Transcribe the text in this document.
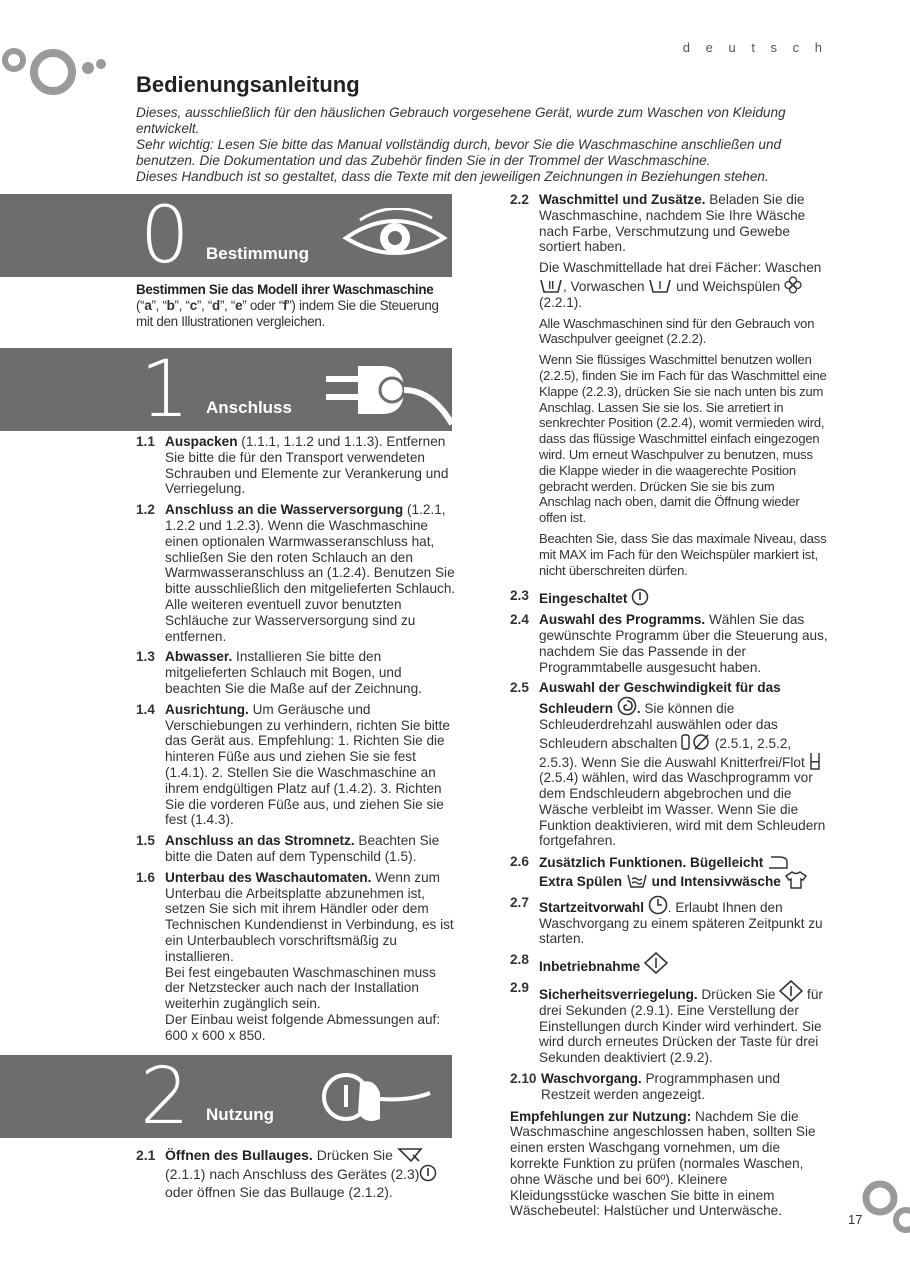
d e u t s c h
Bedienungsanleitung

Dieses, ausschließlich für den häuslichen Gebrauch vorgesehene Gerät, wurde zum Waschen von Kleidung entwickelt.

Sehr wichtig: Lesen Sie bitte das Manual vollständig durch, bevor Sie die Waschmaschine anschließen und benutzen. Die Dokumentation und das Zubehör finden Sie in der Trommel der Waschmaschine.

Dieses Handbuch ist so gestaltet, dass die Texte mit den jeweiligen Zeichnungen in Beziehungen stehen.

0 Bestimmung
Bestimmen Sie das Modell ihrer Waschmaschine
(“a”, “b”, “c”, “d”, “e” oder “f”) indem Sie die Steuerung mit den Illustrationen vergleichen.
1 Anschluss
1.1 Auspacken (1.1.1, 1.1.2 und 1.1.3). Entfernen Sie bitte die für den Transport verwendeten Schrauben und Elemente zur Verankerung und Verriegelung.
1.2 Anschluss an die Wasserversorgung (1.2.1, 1.2.2 und 1.2.3). Wenn die Waschmaschine einen optionalen Warmwasseranschluss hat, schließen Sie den roten Schlauch an den Warmwasseranschluss an (1.2.4). Benutzen Sie bitte ausschließlich den mitgelieferten Schlauch. Alle weiteren eventuell zuvor benutzten Schläuche zur Wasserversorgung sind zu entfernen.
1.3 Abwasser. Installieren Sie bitte den mitgelieferten Schlauch mit Bogen, und beachten Sie die Maße auf der Zeichnung.
1.4 Ausrichtung. Um Geräusche und Verschiebungen zu verhindern, richten Sie bitte das Gerät aus. Empfehlung: 1. Richten Sie die hinteren Füße aus und ziehen Sie sie fest (1.4.1). 2. Stellen Sie die Waschmaschine an ihrem endgültigen Platz auf (1.4.2). 3. Richten Sie die vorderen Füße aus, und ziehen Sie sie fest (1.4.3).
1.5 Anschluss an das Stromnetz. Beachten Sie bitte die Daten auf dem Typenschild (1.5).
1.6 Unterbau des Waschautomaten. Wenn zum Unterbau die Arbeitsplatte abzunehmen ist, setzen Sie sich mit ihrem Händler oder dem Technischen Kundendienst in Verbindung, es ist ein Unterbaublech vorschriftsmäßig zu installieren.
Bei fest eingebauten Waschmaschinen muss der Netzstecker auch nach der Installation weiterhin zugänglich sein.
Der Einbau weist folgende Abmessungen auf: 600 x 600 x 850.
2 Nutzung
2.1 Öffnen des Bullauges. Drücken Sie
(2.1.1) nach Anschluss des Gerätes (2.3)
oder öffnen Sie das Bullauge (2.1.2).
2.2 Waschmittel und Zusätze. Beladen Sie die Waschmaschine, nachdem Sie Ihre Wäsche nach Farbe, Verschmutzung und Gewebe sortiert haben.

Die Waschmittellade hat drei Fächer: Waschen , Vorwaschen  und Weichspülen  (2.2.1).

Alle Waschmaschinen sind für den Gebrauch von Waschpulver geeignet (2.2.2).

Wenn Sie flüssiges Waschmittel benutzen wollen (2.2.5), finden Sie im Fach für das Waschmittel eine Klappe (2.2.3), drücken Sie sie nach unten bis zum Anschlag. Lassen Sie sie los. Sie arretiert in senkrechter Position (2.2.4), womit vermieden wird, dass das flüssige Waschmittel einfach eingezogen wird. Um erneut Waschpulver zu benutzen, muss die Klappe wieder in die waagerechte Position gebracht werden. Drücken Sie sie bis zum Anschlag nach oben, damit die Öffnung wieder offen ist.

Beachten Sie, dass Sie das maximale Niveau, dass mit MAX im Fach für den Weichspüler markiert ist, nicht überschreiten dürfen.

2.3 Eingeschaltet
2.4 Auswahl des Programms. Wählen Sie das gewünschte Programm über die Steuerung aus, nachdem Sie das Passende in der Programmtabelle ausgesucht haben.
2.5 Auswahl der Geschwindigkeit für das Schleudern . Sie können die Schleuderdrehzahl auswählen oder das Schleudern abschalten  (2.5.1, 2.5.2, 2.5.3). Wenn Sie die Auswahl Knitterfrei/Flot  (2.5.4) wählen, wird das Waschprogramm vor dem Endschleudern abgebrochen und die Wäsche verbleibt im Wasser. Wenn Sie die Funktion deaktivieren, wird mit dem Schleudern fortgefahren.
2.6 Zusätzlich Funktionen. Bügelleicht
Extra Spülen  und Intensivwäsche
2.7 Startzeitvorwahl . Erlaubt Ihnen den Waschvorgang zu einem späteren Zeitpunkt zu starten.
2.8 Inbetriebnahme
2.9 Sicherheitsverriegelung. Drücken Sie  für drei Sekunden (2.9.1). Eine Verstellung der Einstellungen durch Kinder wird verhindert. Sie wird durch erneutes Drücken der Taste für drei Sekunden deaktiviert (2.9.2).
2.10 Waschvorgang. Programmphasen und Restzeit werden angezeigt.
Empfehlungen zur Nutzung: Nachdem Sie die Waschmaschine angeschlossen haben, sollten Sie einen ersten Waschgang vornehmen, um die korrekte Funktion zu prüfen (normales Waschen, ohne Wäsche und bei 60º). Kleinere Kleidungsstücke waschen Sie bitte in einem Wäschebeutel: Halstücher und Unterwäsche.
17
